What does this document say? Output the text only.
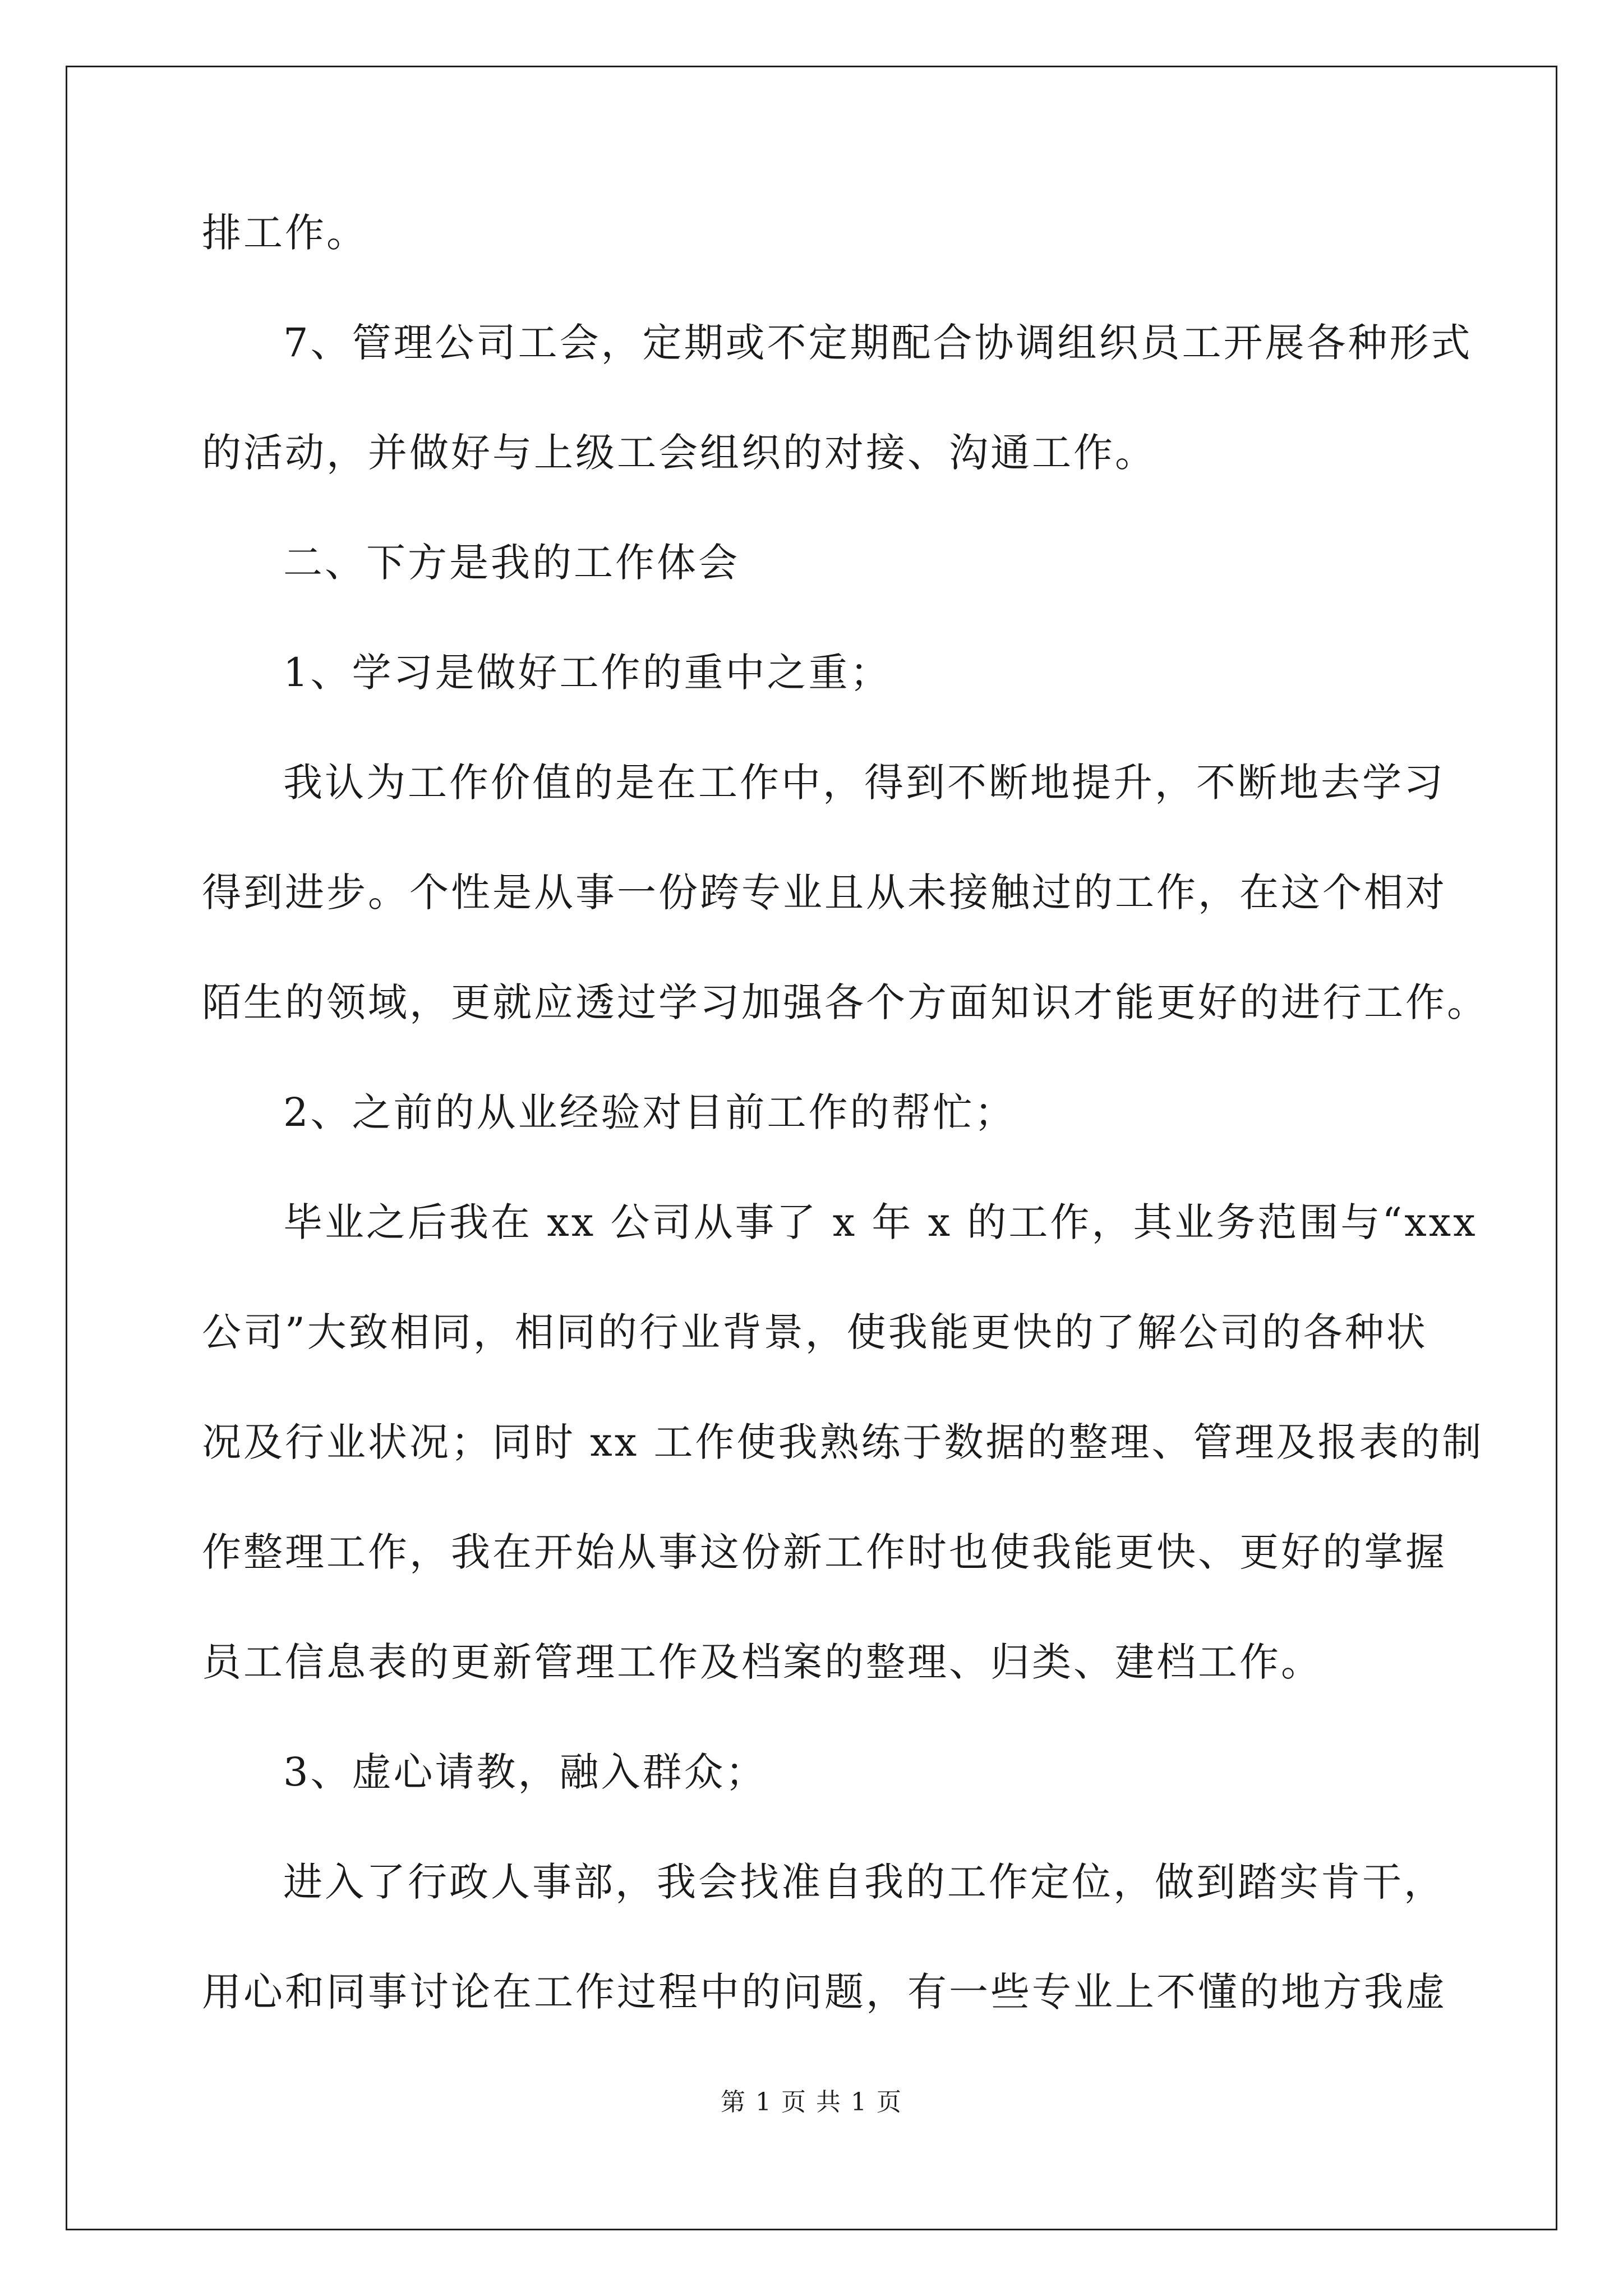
排工作。

7、管理公司工会，定期或不定期配合协调组织员工开展各种形式

的活动，并做好与上级工会组织的对接、沟通工作。

二、下方是我的工作体会

1、学习是做好工作的重中之重；

我认为工作价值的是在工作中，得到不断地提升，不断地去学习

得到进步。个性是从事一份跨专业且从未接触过的工作，在这个相对

陌生的领域，更就应透过学习加强各个方面知识才能更好的进行工作。

2、之前的从业经验对目前工作的帮忙；

毕业之后我在 xx 公司从事了 x 年 x 的工作，其业务范围与“xxx

公司”大致相同，相同的行业背景，使我能更快的了解公司的各种状

况及行业状况；同时 xx 工作使我熟练于数据的整理、管理及报表的制

作整理工作，我在开始从事这份新工作时也使我能更快、更好的掌握

员工信息表的更新管理工作及档案的整理、归类、建档工作。

3、虚心请教，融入群众；

进入了行政人事部，我会找准自我的工作定位，做到踏实肯干，

用心和同事讨论在工作过程中的问题，有一些专业上不懂的地方我虚

第 1 页 共 1 页
